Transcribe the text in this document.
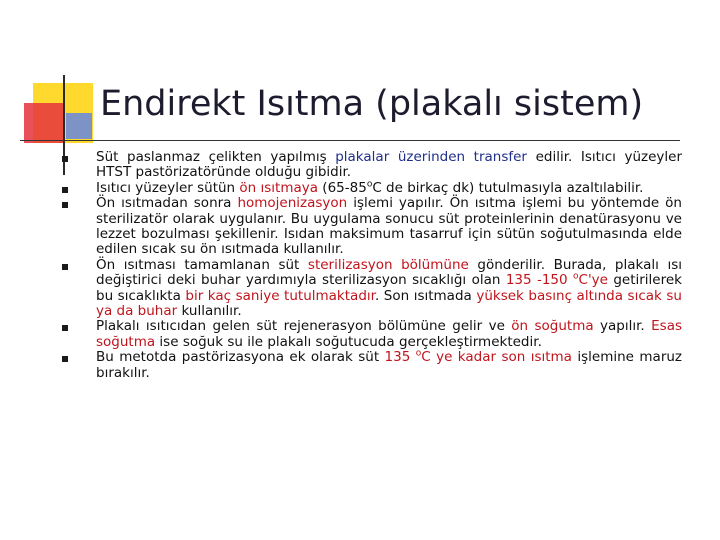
Endirekt Isıtma (plakalı sistem)
Süt paslanmaz çelikten yapılmış plakalar üzerinden transfer edilir. Isıtıcı yüzeyler HTST pastörizatöründe olduğu gibidir.
Isıtıcı yüzeyler sütün ön ısıtmaya (65-85$^o$C de birkaç dk) tutulmasıyla azaltılabilir.
Ön ısıtmadan sonra homojenizasyon işlemi yapılır. Ön ısıtma işlemi bu yöntemde ön sterilizatör olarak uygulanır. Bu uygulama sonucu süt proteinlerinin denatürasyonu ve lezzet bozulması şekillenir. Isıdan maksimum tasarruf için sütün soğutulmasında elde edilen sıcak su ön ısıtmada kullanılır.
Ön ısıtması tamamlanan süt sterilizasyon bölümüne gönderilir. Burada, plakalı ısı değiştirici deki buhar yardımıyla sterilizasyon sıcaklığı olan 135 -150 $^o$C'ye getirilerek bu sıcaklıkta bir kaç saniye tutulmaktadır. Son ısıtmada yüksek basınç altında sıcak su ya da buhar kullanılır.
Plakalı ısıtıcıdan gelen süt rejenerasyon bölümüne gelir ve ön soğutma yapılır. Esas soğutma ise soğuk su ile plakalı soğutucuda gerçekleştirmektedir.
Bu metotda pastörizasyona ek olarak süt 135 $^o$C ye kadar son ısıtma işlemine maruz bırakılır.
